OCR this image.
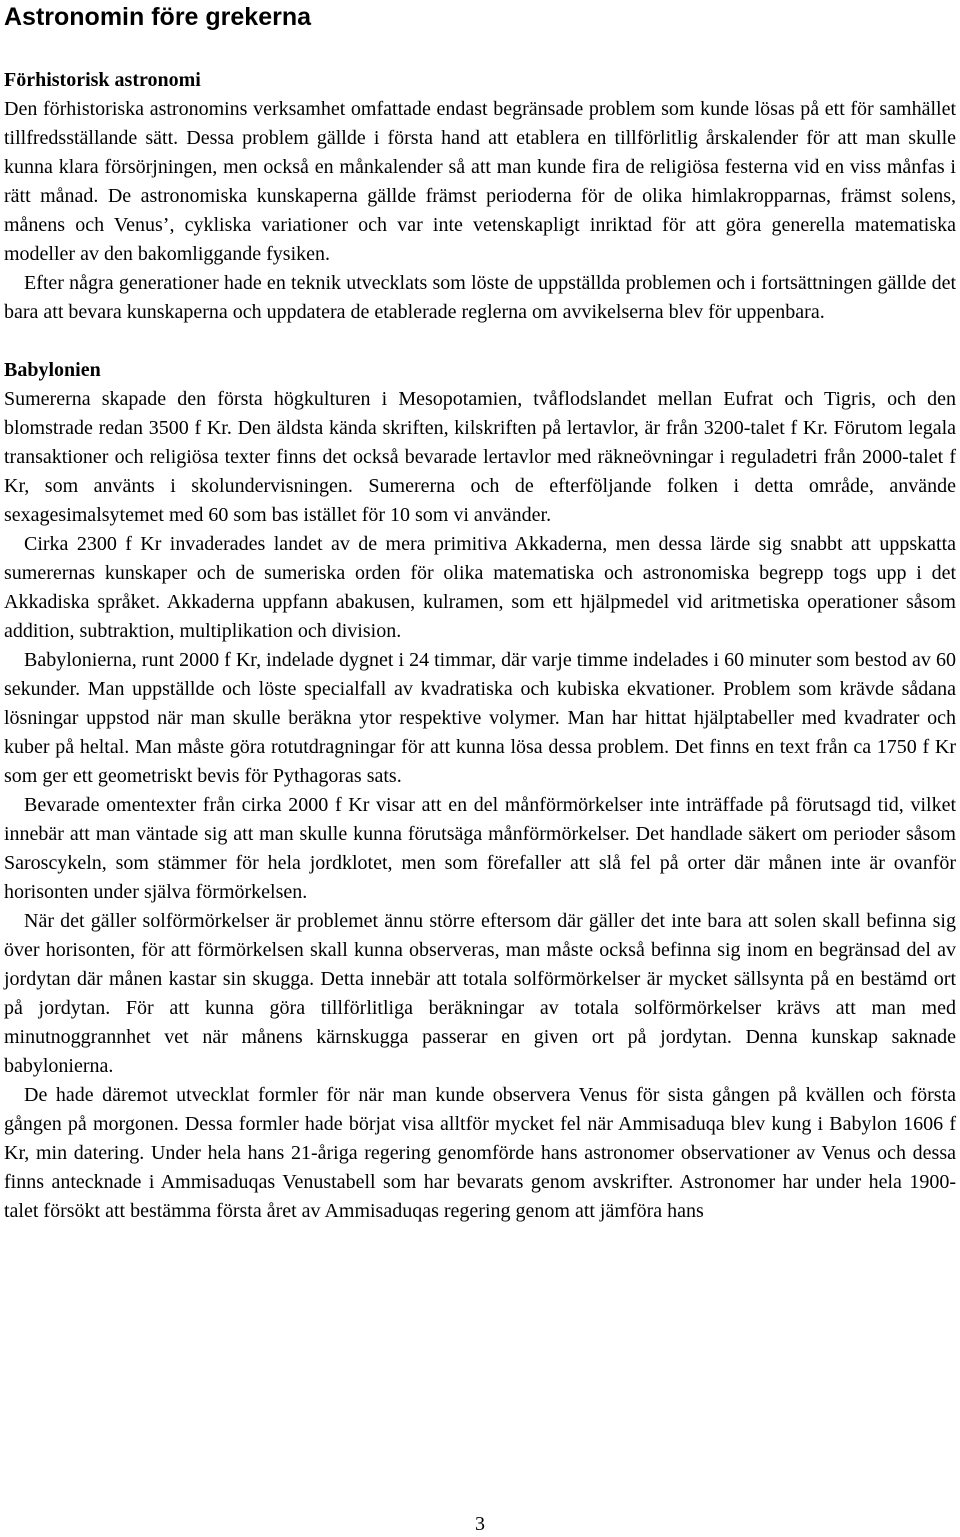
Astronomin före grekerna
Förhistorisk astronomi

Den förhistoriska astronomins verksamhet omfattade endast begränsade problem som kunde lösas på ett för samhället tillfredsställande sätt. Dessa problem gällde i första hand att etablera en tillförlitlig årskalender för att man skulle kunna klara försörjningen, men också en månkalender så att man kunde fira de religiösa festerna vid en viss månfas i rätt månad. De astronomiska kunskaperna gällde främst perioderna för de olika himlakropparnas, främst solens, månens och Venus’, cykliska variationer och var inte vetenskapligt inriktad för att göra generella matematiska modeller av den bakomliggande fysiken.

Efter några generationer hade en teknik utvecklats som löste de uppställda problemen och i fortsättningen gällde det bara att bevara kunskaperna och uppdatera de etablerade reglerna om avvikelserna blev för uppenbara.

Babylonien

Sumererna skapade den första högkulturen i Mesopotamien, tvåflodslandet mellan Eufrat och Tigris, och den blomstrade redan 3500 f Kr. Den äldsta kända skriften, kilskriften på lertavlor, är från 3200-talet f Kr. Förutom legala transaktioner och religiösa texter finns det också bevarade lertavlor med räkneövningar i reguladetri från 2000-talet f Kr, som använts i skolundervisningen. Sumererna och de efterföljande folken i detta område, använde sexagesimalsytemet med 60 som bas istället för 10 som vi använder.

Cirka 2300 f Kr invaderades landet av de mera primitiva Akkaderna, men dessa lärde sig snabbt att uppskatta sumerernas kunskaper och de sumeriska orden för olika matematiska och astronomiska begrepp togs upp i det Akkadiska språket. Akkaderna uppfann abakusen, kulramen, som ett hjälpmedel vid aritmetiska operationer såsom addition, subtraktion, multiplikation och division.

Babylonierna, runt 2000 f Kr, indelade dygnet i 24 timmar, där varje timme indelades i 60 minuter som bestod av 60 sekunder. Man uppställde och löste specialfall av kvadratiska och kubiska ekvationer. Problem som krävde sådana lösningar uppstod när man skulle beräkna ytor respektive volymer. Man har hittat hjälptabeller med kvadrater och kuber på heltal. Man måste göra rotutdragningar för att kunna lösa dessa problem. Det finns en text från ca 1750 f Kr som ger ett geometriskt bevis för Pythagoras sats.

Bevarade omentexter från cirka 2000 f Kr visar att en del månförmörkelser inte inträffade på förutsagd tid, vilket innebär att man väntade sig att man skulle kunna förutsäga månförmörkelser. Det handlade säkert om perioder såsom Saroscykeln, som stämmer för hela jordklotet, men som förefaller att slå fel på orter där månen inte är ovanför horisonten under själva förmörkelsen.

När det gäller solförmörkelser är problemet ännu större eftersom där gäller det inte bara att solen skall befinna sig över horisonten, för att förmörkelsen skall kunna observeras, man måste också befinna sig inom en begränsad del av jordytan där månen kastar sin skugga. Detta innebär att totala solförmörkelser är mycket sällsynta på en bestämd ort på jordytan. För att kunna göra tillförlitliga beräkningar av totala solförmörkelser krävs att man med minutnoggrannhet vet när månens kärnskugga passerar en given ort på jordytan. Denna kunskap saknade babylonierna.

De hade däremot utvecklat formler för när man kunde observera Venus för sista gången på kvällen och första gången på morgonen. Dessa formler hade börjat visa alltför mycket fel när Ammisaduqa blev kung i Babylon 1606 f Kr, min datering. Under hela hans 21-åriga regering genomförde hans astronomer observationer av Venus och dessa finns antecknade i Ammisaduqas Venustabell som har bevarats genom avskrifter. Astronomer har under hela 1900-talet försökt att bestämma första året av Ammisaduqas regering genom att jämföra hans

3
